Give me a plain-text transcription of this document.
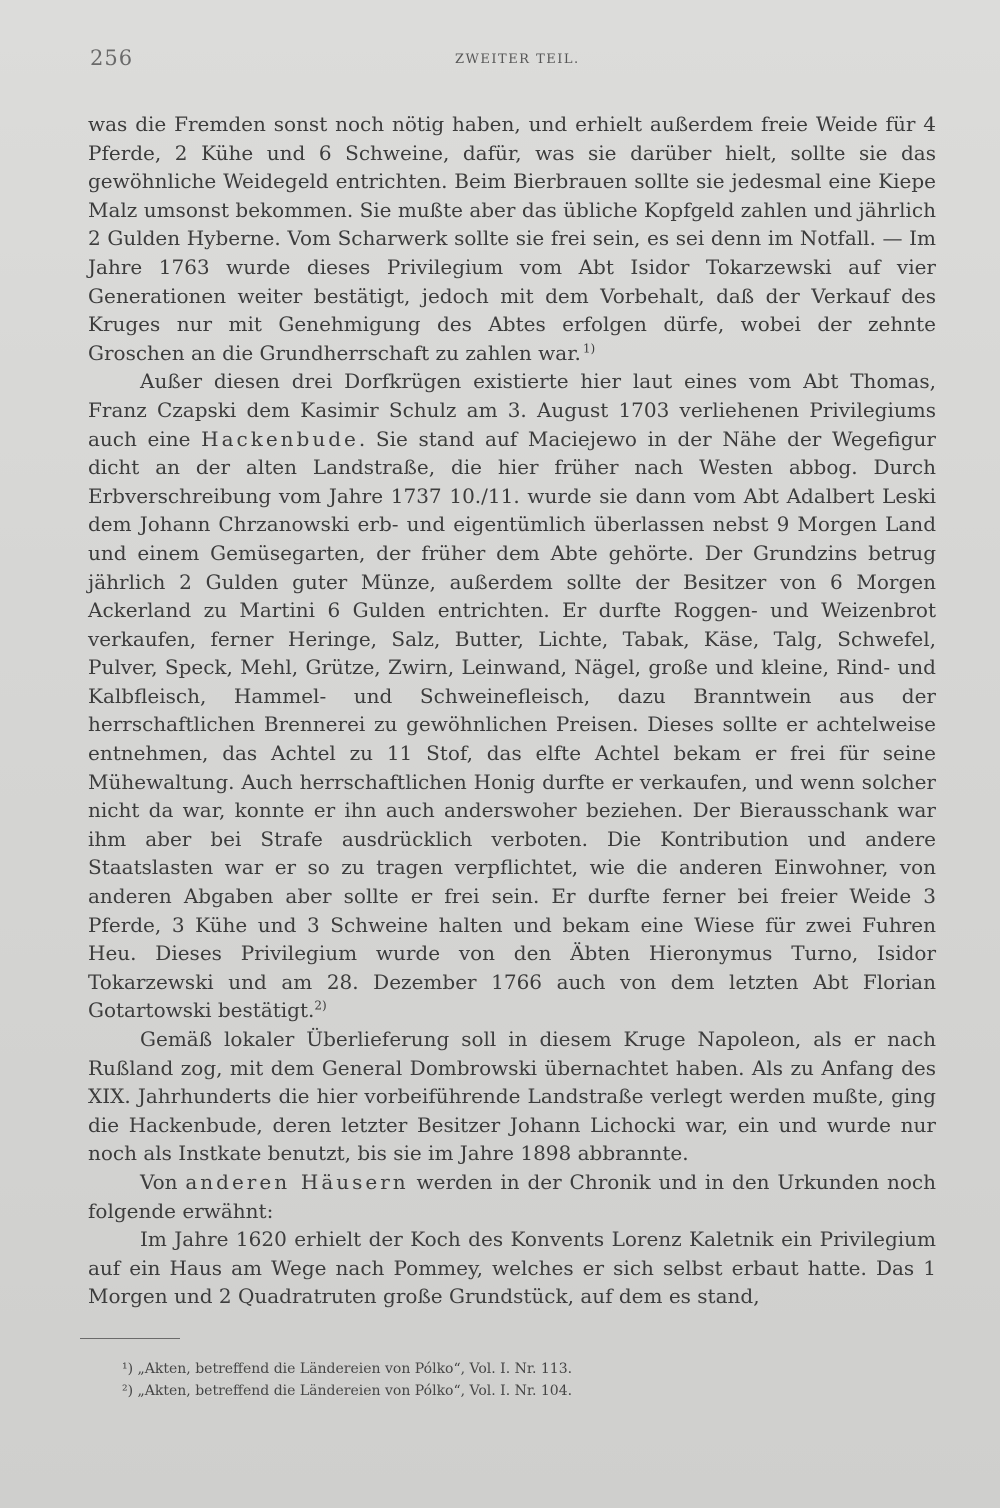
256	ZWEITER TEIL.

was die Fremden sonst noch nötig haben, und erhielt außerdem freie Weide für 4 Pferde, 2 Kühe und 6 Schweine, dafür, was sie darüber hielt, sollte sie das gewöhnliche Weidegeld entrichten. Beim Bierbrauen sollte sie jedesmal eine Kiepe Malz umsonst bekommen. Sie mußte aber das übliche Kopfgeld zahlen und jährlich 2 Gulden Hyberne. Vom Scharwerk sollte sie frei sein, es sei denn im Notfall. — Im Jahre 1763 wurde dieses Privilegium vom Abt Isidor Tokarzewski auf vier Generationen weiter bestätigt, jedoch mit dem Vorbehalt, daß der Verkauf des Kruges nur mit Genehmigung des Abtes erfolgen dürfe, wobei der zehnte Groschen an die Grundherrschaft zu zahlen war.  $^{1)}$

Außer diesen drei Dorfkrügen existierte hier laut eines vom Abt Thomas, Franz Czapski dem Kasimir Schulz am 3. August 1703 verliehenen Privilegiums auch eine Hackenbude. Sie stand auf Maciejewo in der Nähe der Wegefigur dicht an der alten Landstraße, die hier früher nach Westen abbog. Durch Erbverschreibung vom Jahre 1737 10./11. wurde sie dann vom Abt Adalbert Leski dem Johann Chrzanowski erb- und eigentümlich überlassen nebst 9 Morgen Land und einem Gemüsegarten, der früher dem Abte gehörte. Der Grundzins betrug jährlich 2 Gulden guter Münze, außerdem sollte der Besitzer von 6 Morgen Ackerland zu Martini 6 Gulden entrichten. Er durfte Roggen- und Weizenbrot verkaufen, ferner Heringe, Salz, Butter, Lichte, Tabak, Käse, Talg, Schwefel, Pulver, Speck, Mehl, Grütze, Zwirn, Leinwand, Nägel, große und kleine, Rind- und Kalbfleisch, Hammel- und Schweinefleisch, dazu Branntwein aus der herrschaftlichen Brennerei zu gewöhnlichen Preisen. Dieses sollte er achtelweise entnehmen, das Achtel zu 11 Stof, das elfte Achtel bekam er frei für seine Mühewaltung. Auch herrschaftlichen Honig durfte er verkaufen, und wenn solcher nicht da war, konnte er ihn auch anderswoher beziehen. Der Bierausschank war ihm aber bei Strafe ausdrücklich verboten. Die Kontribution und andere Staatslasten war er so zu tragen verpflichtet, wie die anderen Einwohner, von anderen Abgaben aber sollte er frei sein. Er durfte ferner bei freier Weide 3 Pferde, 3 Kühe und 3 Schweine halten und bekam eine Wiese für zwei Fuhren Heu. Dieses Privilegium wurde von den Äbten Hieronymus Turno, Isidor Tokarzewski und am 28. Dezember 1766 auch von dem letzten Abt Florian Gotartowski bestätigt.$^{2)}$

Gemäß lokaler Überlieferung soll in diesem Kruge Napoleon, als er nach Rußland zog, mit dem General Dombrowski übernachtet haben. Als zu Anfang des XIX. Jahrhunderts die hier vorbeiführende Landstraße verlegt werden mußte, ging die Hackenbude, deren letzter Besitzer Johann Lichocki war, ein und wurde nur noch als Instkate benutzt, bis sie im Jahre 1898 abbrannte.

Von anderen Häusern werden in der Chronik und in den Urkunden noch folgende erwähnt:

Im Jahre 1620 erhielt der Koch des Konvents Lorenz Kaletnik ein Privilegium auf ein Haus am Wege nach Pommey, welches er sich selbst erbaut hatte. Das 1 Morgen und 2 Quadratruten große Grundstück, auf dem es stand,

¹) „Akten, betreffend die Ländereien von Pólko“, Vol. I. Nr. 113.
²) „Akten, betreffend die Ländereien von Pólko“, Vol. I. Nr. 104.
